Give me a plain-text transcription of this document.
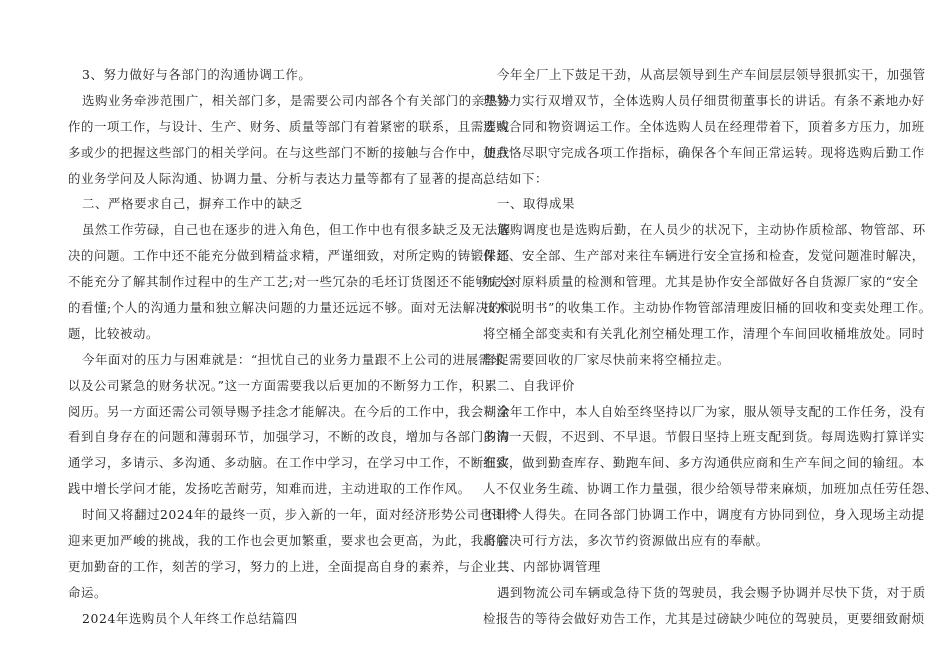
3、努力做好与各部门的沟通协调工作。
选购业务牵涉范围广，相关部门多，是需要公司内部各个有关部门的亲热协
作的一项工作，与设计、生产、财务、质量等部门有着紧密的联系，且需要或
多或少的把握这些部门的相关学问。在与这些部门不断的接触与合作中，使我
的业务学问及人际沟通、协调力量、分析与表达力量等都有了显著的提高。
二、严格要求自己，摒弃工作中的缺乏
虽然工作劳碌，自己也在逐步的进入角色，但工作中也有很多缺乏及无法解
决的问题。工作中还不能充分做到精益求精，严谨细致，对所定购的铸锻件还
不能充分了解其制作过程中的生产工艺;对一些冗杂的毛坯订货图还不能够完全
的看懂;个人的沟通力量和独立解决问题的力量还远远不够。面对无法解决的问
题，比较被动。
今年面对的压力与困难就是：“担忧自己的业务力量跟不上公司的进展需求
以及公司紧急的财务状况。”这一方面需要我以后更加的不断努力工作，积累
阅历。另一方面还需公司领导赐予挂念才能解决。在今后的工作中，我会糊涂
看到自身存在的问题和薄弱环节，加强学习，不断的改良，增加与各部门的沟
通学习，多请示、多沟通、多动脑。在工作中学习，在学习中工作，不断在实
践中增长学问才能，发扬吃苦耐劳，知难而进，主动进取的工作作风。
时间又将翻过2024年的最终一页，步入新的一年，面对经济形势公司也即将
迎来更加严峻的挑战，我的工作也会更加繁重，要求也会更高，为此，我将会
更加勤奋的工作，刻苦的学习，努力的上进，全面提高自身的素养，与企业共
命运。
2024年选购员个人年终工作总结篇四
今年全厂上下鼓足干劲，从高层领导到生产车间层层领导狠抓实干，加强管
理努力实行双增双节，全体选购人员仔细贯彻董事长的讲话。有条不紊地办好
选购合同和物资调运工作。全体选购人员在经理带着下，顶着多方压力，加班
加点恪尽职守完成各项工作指标，确保各个车间正常运转。现将选购后勤工作
总结如下：
一、取得成果
选购调度也是选购后勤，在人员少的状况下，主动协作质检部、物管部、环
保部、安全部、生产部对来往车辆进行安全宣扬和检查，发觉问题准时解决，
加大对原料质量的检测和管理。尤其是协作安全部做好各自货源厂家的“安全
技术说明书”的收集工作。主动协作物管部清理废旧桶的回收和变卖处理工作。
将空桶全部变卖和有关乳化剂空桶处理工作，清理个车间回收桶堆放处。同时
督促需要回收的厂家尽快前来将空桶拉走。
二、自我评价
全年工作中，本人自始至终坚持以厂为家，服从领导支配的工作任务，没有
多请一天假，不迟到、不早退。节假日坚持上班支配到货。每周选购打算详实
细致，做到勤查库存、勤跑车间、多方沟通供应商和生产车间之间的输纽。本
人不仅业务生疏、协调工作力量强，很少给领导带来麻烦，加班加点任劳任怨、
不计个人得失。在同各部门协调工作中，调度有方协同到位，身入现场主动提
出解决可行方法，多次节约资源做出应有的奉献。
三、内部协调管理
遇到物流公司车辆或急待下货的驾驶员，我会赐予协调并尽快下货，对于质
检报告的等待会做好劝告工作，尤其是过磅缺少吨位的驾驶员，更要细致耐烦
